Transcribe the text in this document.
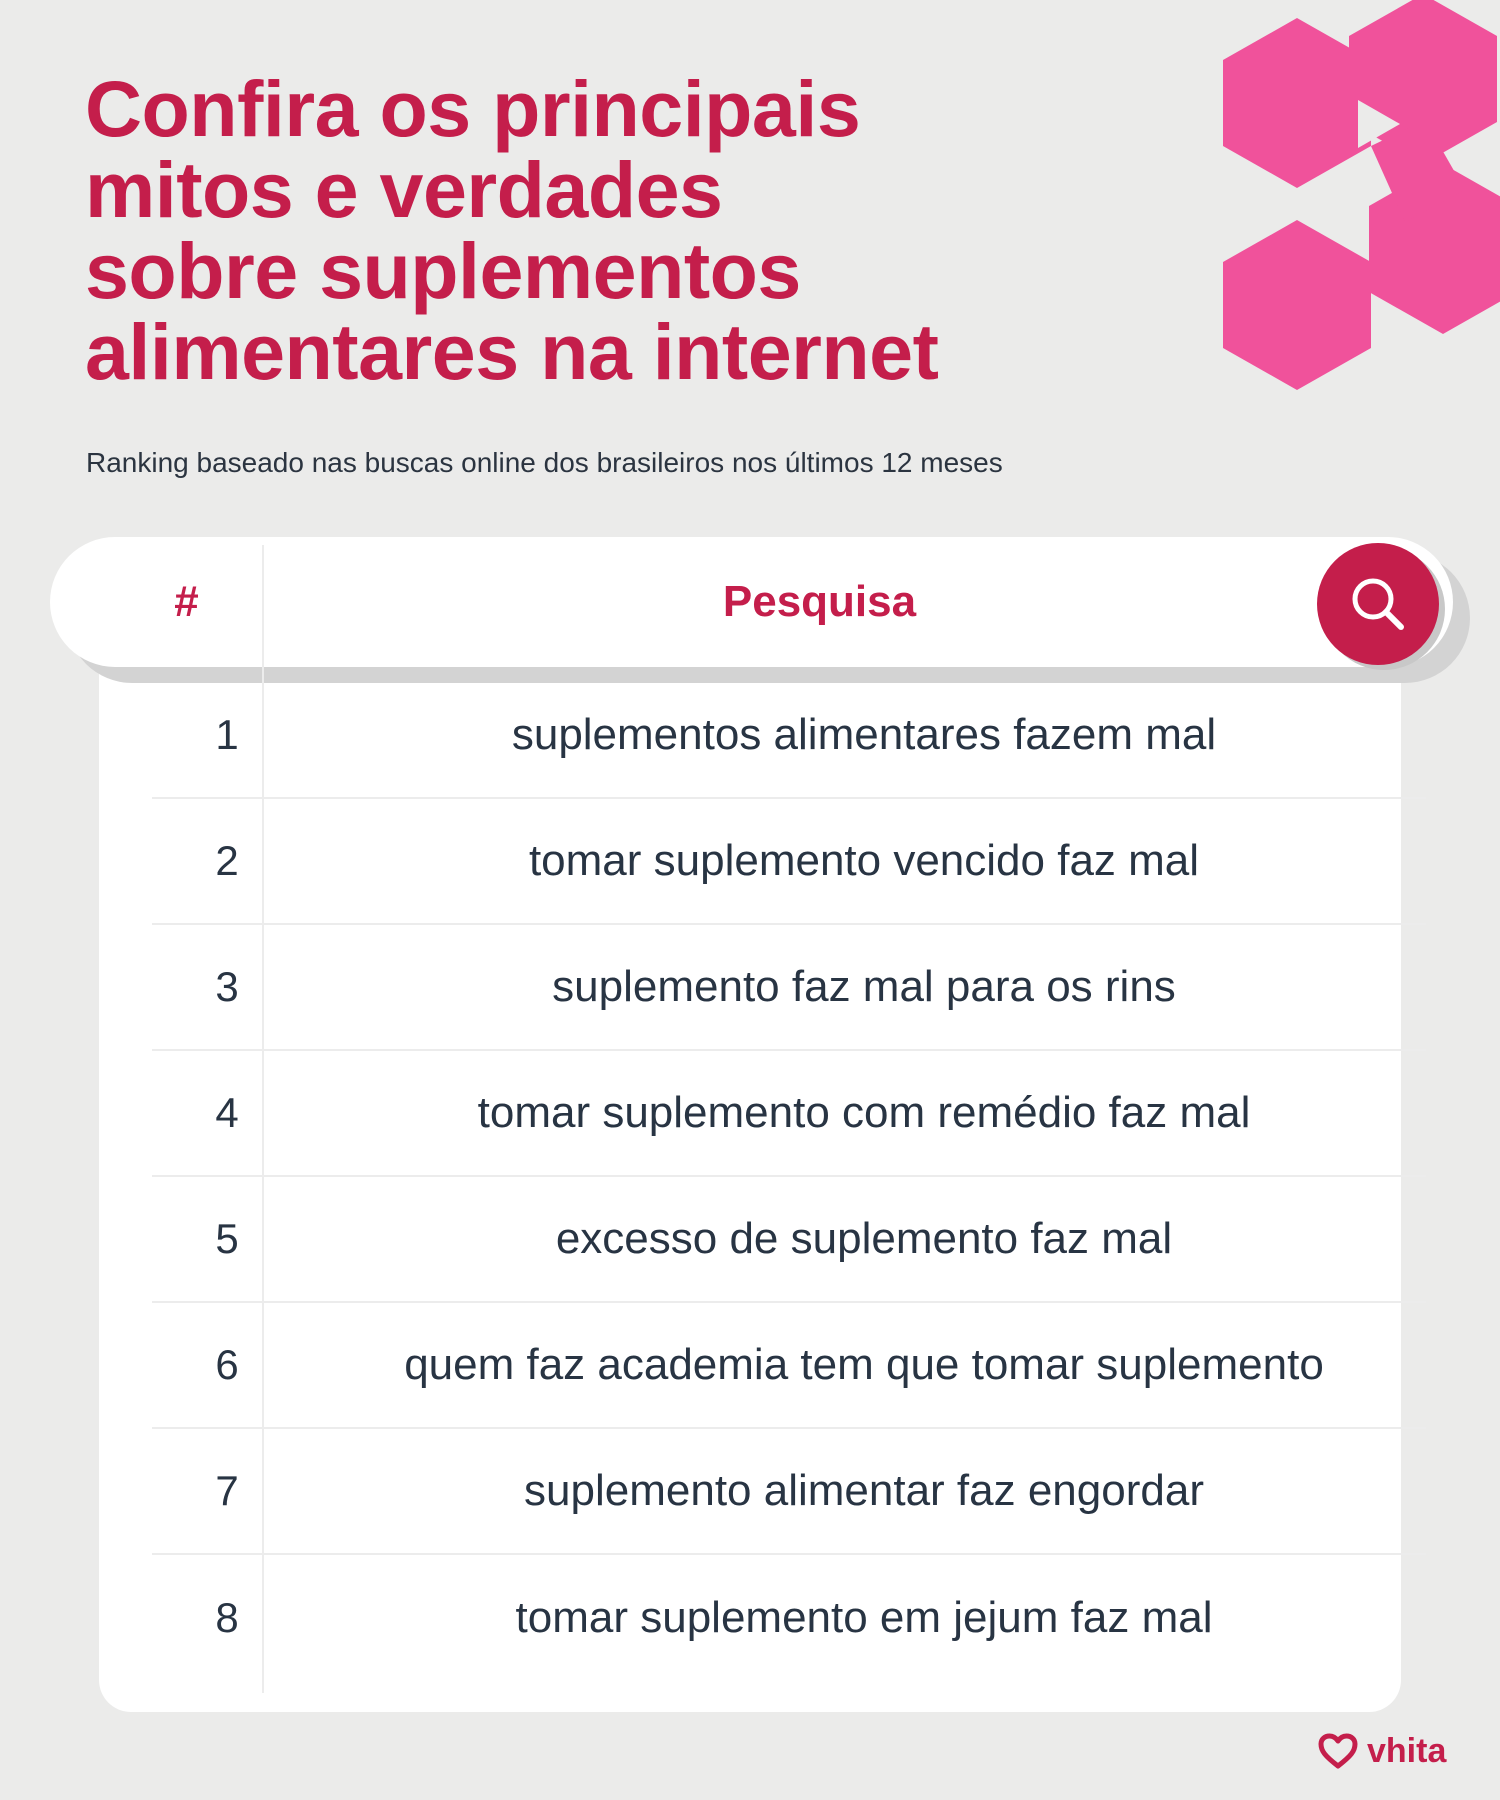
Confira os principais
mitos e verdades
sobre suplementos
alimentares na internet

Ranking baseado nas buscas online dos brasileiros nos últimos 12 meses

#	Pesquisa
1	suplementos alimentares fazem mal
2	tomar suplemento vencido faz mal
3	suplemento faz mal para os rins
4	tomar suplemento com remédio faz mal
5	excesso de suplemento faz mal
6	quem faz academia tem que tomar suplemento
7	suplemento alimentar faz engordar
8	tomar suplemento em jejum faz mal
vhita
